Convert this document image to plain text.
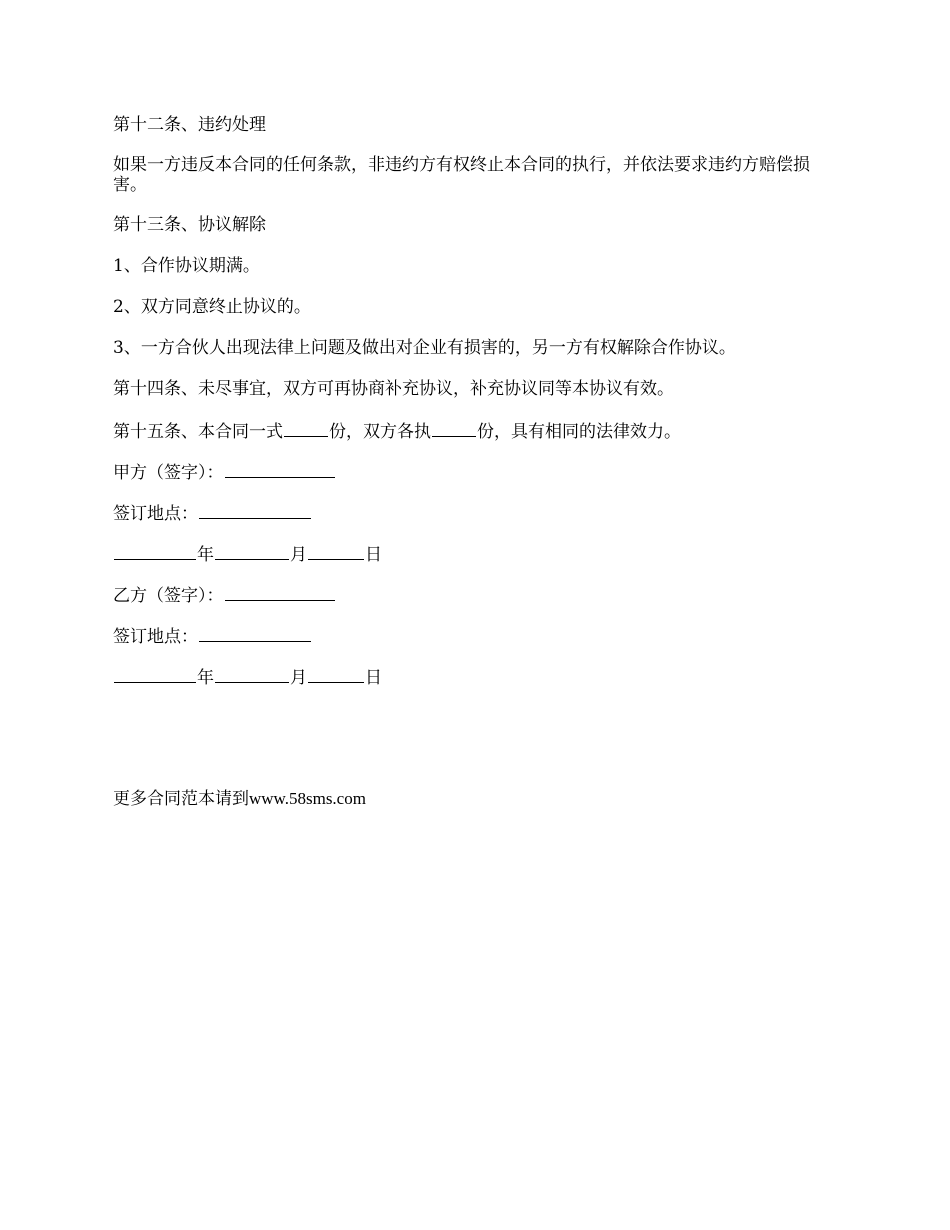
第十二条、违约处理
如果一方违反本合同的任何条款，非违约方有权终止本合同的执行，并依法要求违约方赔偿损害。
第十三条、协议解除
1、合作协议期满。
2、双方同意终止协议的。
3、一方合伙人出现法律上问题及做出对企业有损害的，另一方有权解除合作协议。
第十四条、未尽事宜，双方可再协商补充协议，补充协议同等本协议有效。
第十五条、本合同一式	份，双方各执	份，具有相同的法律效力。
甲方（签字）：
签订地点：
年	月	日
乙方（签字）：
签订地点：
年	月	日
更多合同范本请到www.58sms.com
